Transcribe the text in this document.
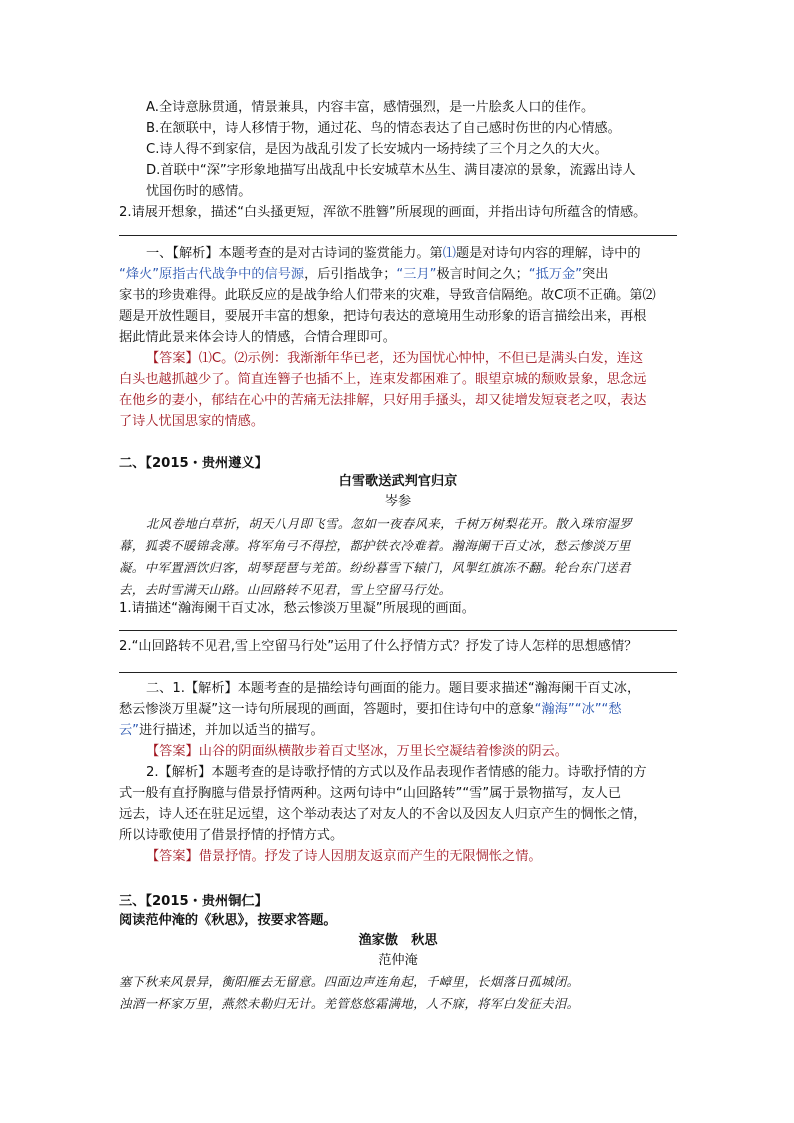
A.全诗意脉贯通，情景兼具，内容丰富，感情强烈，是一片脍炙人口的佳作。
B.在颔联中，诗人移情于物，通过花、鸟的情态表达了自己感时伤世的内心情感。
C.诗人得不到家信，是因为战乱引发了长安城内一场持续了三个月之久的大火。
D.首联中“深”字形象地描写出战乱中长安城草木丛生、满目凄凉的景象，流露出诗人
忧国伤时的感情。
2.请展开想象，描述“白头搔更短，浑欲不胜簪”所展现的画面，并指出诗句所蕴含的情感。
一、【解析】本题考查的是对古诗词的鉴赏能力。第⑴题是对诗句内容的理解，诗中的
“烽火”原指古代战争中的信号源，后引指战争；“三月”极言时间之久；“抵万金”突出
家书的珍贵难得。此联反应的是战争给人们带来的灾难，导致音信隔绝。故C项不正确。第⑵
题是开放性题目，要展开丰富的想象，把诗句表达的意境用生动形象的语言描绘出来，再根
据此情此景来体会诗人的情感，合情合理即可。
【答案】⑴C。⑵示例：我渐渐年华已老，还为国忧心忡忡，不但已是满头白发，连这
白头也越抓越少了。简直连簪子也插不上，连束发都困难了。眼望京城的颓败景象，思念远
在他乡的妻小，郁结在心中的苦痛无法排解，只好用手搔头，却又徒增发短衰老之叹，表达
了诗人忧国思家的情感。
二、【2015・贵州遵义】
白雪歌送武判官归京
岑参
北风卷地白草折，胡天八月即飞雪。忽如一夜春风来，千树万树梨花开。散入珠帘湿罗
幕，狐裘不暖锦衾薄。将军角弓不得控，都护铁衣冷难着。瀚海阑干百丈冰，愁云惨淡万里
凝。中军置酒饮归客，胡琴琵琶与羌笛。纷纷暮雪下辕门，风掣红旗冻不翻。轮台东门送君
去，去时雪满天山路。山回路转不见君，雪上空留马行处。
1.请描述“瀚海阑干百丈冰，愁云惨淡万里凝”所展现的画面。
2.“山回路转不见君,雪上空留马行处”运用了什么抒情方式？抒发了诗人怎样的思想感情？
二、1.【解析】本题考查的是描绘诗句画面的能力。题目要求描述“瀚海阑干百丈冰，
愁云惨淡万里凝”这一诗句所展现的画面，答题时，要扣住诗句中的意象“瀚海”“冰”“愁
云”进行描述，并加以适当的描写。
【答案】山谷的阴面纵横散步着百丈坚冰，万里长空凝结着惨淡的阴云。
2.【解析】本题考查的是诗歌抒情的方式以及作品表现作者情感的能力。诗歌抒情的方
式一般有直抒胸臆与借景抒情两种。这两句诗中“山回路转”“雪”属于景物描写，友人已
远去，诗人还在驻足远望，这个举动表达了对友人的不舍以及因友人归京产生的惆怅之情，
所以诗歌使用了借景抒情的抒情方式。
【答案】借景抒情。抒发了诗人因朋友返京而产生的无限惆怅之情。
三、【2015・贵州铜仁】
阅读范仲淹的《秋思》，按要求答题。
渔家傲　秋思
范仲淹
塞下秋来风景异，衡阳雁去无留意。四面边声连角起，千嶂里，长烟落日孤城闭。
浊酒一杯家万里，燕然未勒归无计。羌管悠悠霜满地，人不寐，将军白发征夫泪。
